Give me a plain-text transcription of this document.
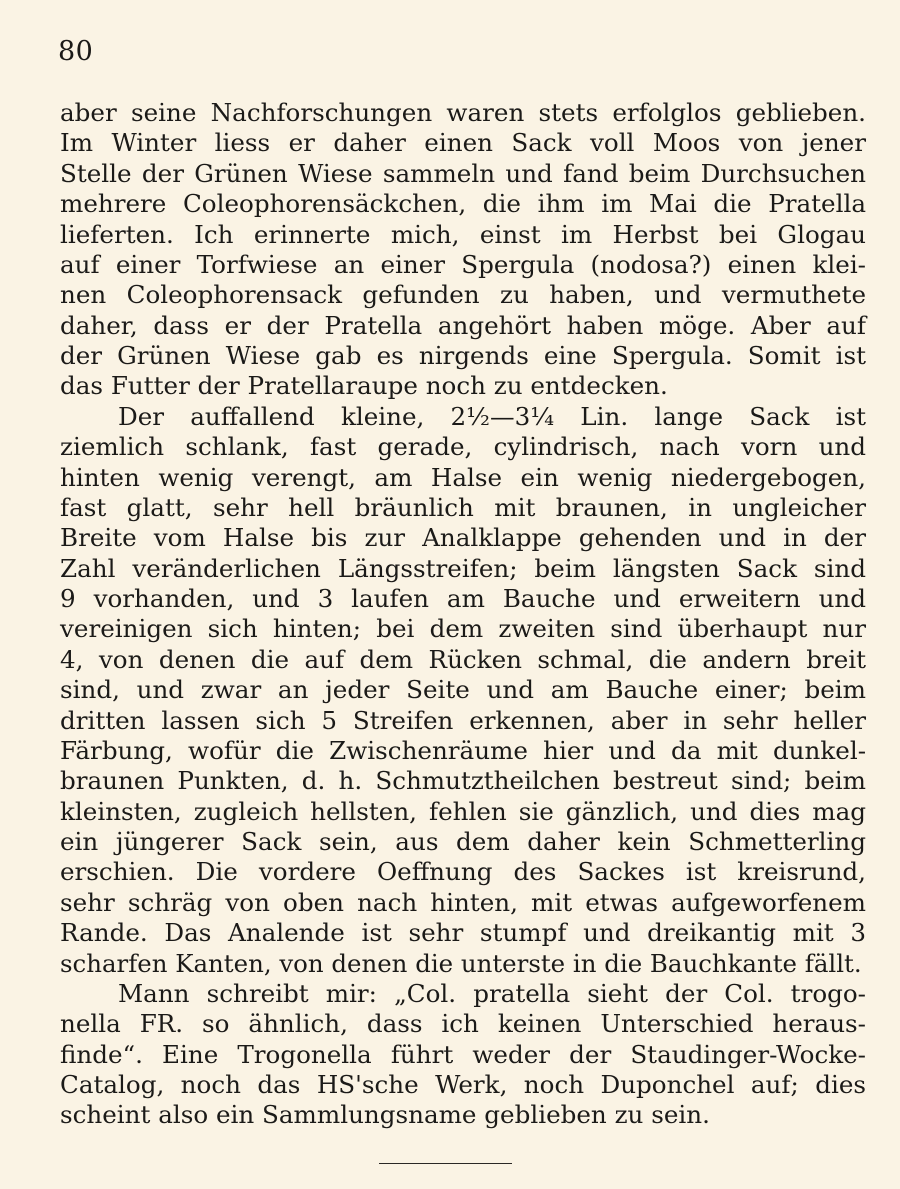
80
aber seine Nachforschungen waren stets erfolglos geblieben.
Im Winter liess er daher einen Sack voll Moos von jener
Stelle der Grünen Wiese sammeln und fand beim Durchsuchen
mehrere Coleophorensäckchen, die ihm im Mai die Pratella
lieferten. Ich erinnerte mich, einst im Herbst bei Glogau
auf einer Torfwiese an einer Spergula (nodosa?) einen klei-
nen Coleophorensack gefunden zu haben, und vermuthete
daher, dass er der Pratella angehört haben möge. Aber auf
der Grünen Wiese gab es nirgends eine Spergula. Somit ist
das Futter der Pratellaraupe noch zu entdecken.
Der auffallend kleine, 2½—3¼ Lin. lange Sack ist
ziemlich schlank, fast gerade, cylindrisch, nach vorn und
hinten wenig verengt, am Halse ein wenig niedergebogen,
fast glatt, sehr hell bräunlich mit braunen, in ungleicher
Breite vom Halse bis zur Analklappe gehenden und in der
Zahl veränderlichen Längsstreifen; beim längsten Sack sind
9 vorhanden, und 3 laufen am Bauche und erweitern und
vereinigen sich hinten; bei dem zweiten sind überhaupt nur
4, von denen die auf dem Rücken schmal, die andern breit
sind, und zwar an jeder Seite und am Bauche einer; beim
dritten lassen sich 5 Streifen erkennen, aber in sehr heller
Färbung, wofür die Zwischenräume hier und da mit dunkel-
braunen Punkten, d. h. Schmutztheilchen bestreut sind; beim
kleinsten, zugleich hellsten, fehlen sie gänzlich, und dies mag
ein jüngerer Sack sein, aus dem daher kein Schmetterling
erschien. Die vordere Oeffnung des Sackes ist kreisrund,
sehr schräg von oben nach hinten, mit etwas aufgeworfenem
Rande. Das Analende ist sehr stumpf und dreikantig mit 3
scharfen Kanten, von denen die unterste in die Bauchkante fällt.
Mann schreibt mir: „Col. pratella sieht der Col. trogo-
nella FR. so ähnlich, dass ich keinen Unterschied heraus-
finde“. Eine Trogonella führt weder der Staudinger-Wocke-
Catalog, noch das HS'sche Werk, noch Duponchel auf; dies
scheint also ein Sammlungsname geblieben zu sein.
